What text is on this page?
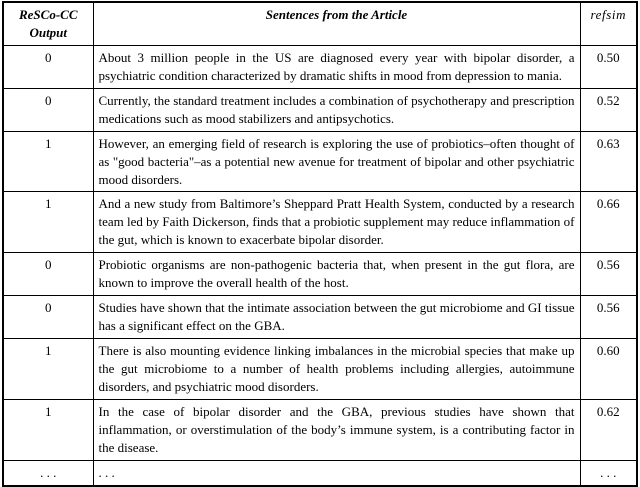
ReSCo-CC
Output	Sentences from the Article	refsim
0	About 3 million people in the US are diagnosed every year with bipolar disorder, a psychiatric condition characterized by dramatic shifts in mood from depression to mania.	0.50
0	Currently, the standard treatment includes a combination of psychotherapy and prescription medications such as mood stabilizers and antipsychotics.	0.52
1	However, an emerging field of research is exploring the use of probiotics–often thought of as "good bacteria"–as a potential new avenue for treatment of bipolar and other psychiatric mood disorders.	0.63
1	And a new study from Baltimore’s Sheppard Pratt Health System, conducted by a research team led by Faith Dickerson, finds that a probiotic supplement may reduce inflammation of the gut, which is known to exacerbate bipolar disorder.	0.66
0	Probiotic organisms are non-pathogenic bacteria that, when present in the gut flora, are known to improve the overall health of the host.	0.56
0	Studies have shown that the intimate association between the gut microbiome and GI tissue has a significant effect on the GBA.	0.56
1	There is also mounting evidence linking imbalances in the microbial species that make up the gut microbiome to a number of health problems including allergies, autoimmune disorders, and psychiatric mood disorders.	0.60
1	In the case of bipolar disorder and the GBA, previous studies have shown that inflammation, or overstimulation of the body’s immune system, is a contributing factor in the disease.	0.62
. . .	. . .	. . .
